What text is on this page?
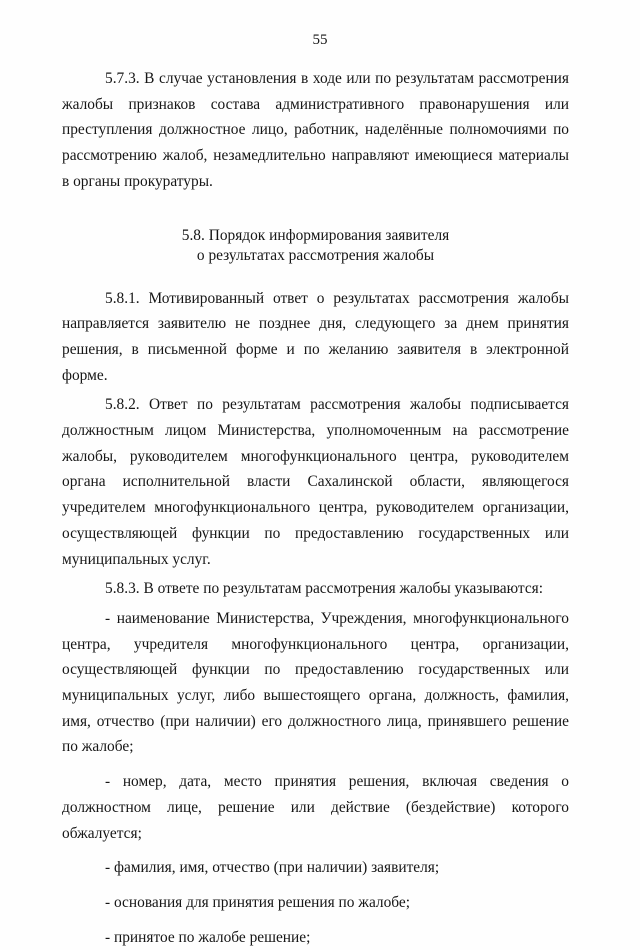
55

5.7.3. В случае установления в ходе или по результатам рассмотрения жалобы признаков состава административного правонарушения или преступления должностное лицо, работник, наделённые полномочиями по рассмотрению жалоб, незамедлительно направляют имеющиеся материалы в органы прокуратуры.

5.8. Порядок информирования заявителя
о результатах рассмотрения жалобы

5.8.1. Мотивированный ответ о результатах рассмотрения жалобы направляется заявителю не позднее дня, следующего за днем принятия решения, в письменной форме и по желанию заявителя в электронной форме.

5.8.2. Ответ по результатам рассмотрения жалобы подписывается должностным лицом Министерства, уполномоченным на рассмотрение жалобы, руководителем многофункционального центра, руководителем органа исполнительной власти Сахалинской области, являющегося учредителем многофункционального центра, руководителем организации, осуществляющей функции по предоставлению государственных или муниципальных услуг.

5.8.3. В ответе по результатам рассмотрения жалобы указываются:

- наименование Министерства, Учреждения, многофункционального центра, учредителя многофункционального центра, организации, осуществляющей функции по предоставлению государственных или муниципальных услуг, либо вышестоящего органа, должность, фамилия, имя, отчество (при наличии) его должностного лица, принявшего решение по жалобе;

- номер, дата, место принятия решения, включая сведения о должностном лице, решение или действие (бездействие) которого обжалуется;

- фамилия, имя, отчество (при наличии) заявителя;

- основания для принятия решения по жалобе;

- принятое по жалобе решение;
